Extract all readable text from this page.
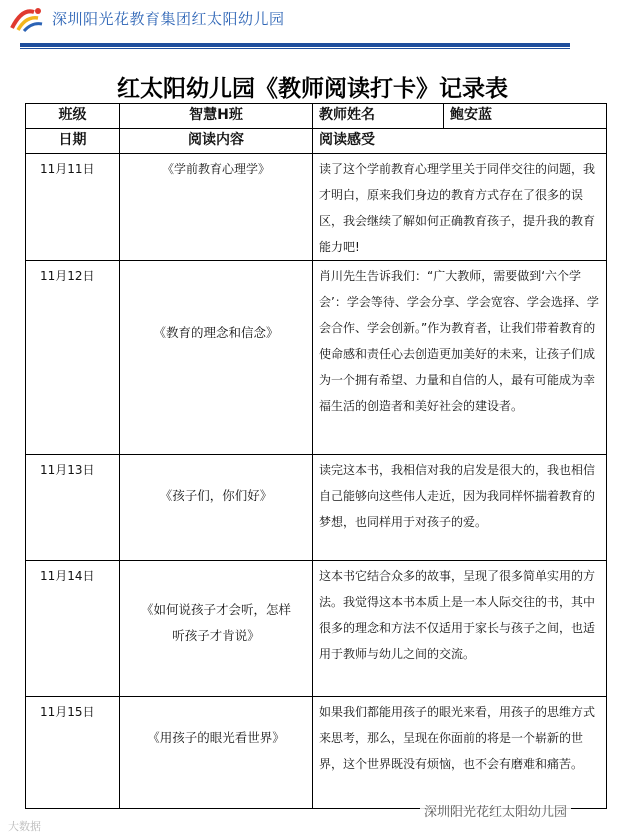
深圳阳光花教育集团红太阳幼儿园
红太阳幼儿园《教师阅读打卡》记录表
班级	智慧H班	教师姓名	鲍安蓝
日期	阅读内容	阅读感受	

11月11日	《学前教育心理学》	读了这个学前教育心理学里关于同伴交往的问题，我才明白，原来我们身边的教育方式存在了很多的误区，我会继续了解如何正确教育孩子，提升我的教育能力吧!	

11月12日	《教育的理念和信念》	肖川先生告诉我们：“广大教师，需要做到‘六个学会’：学会等待、学会分享、学会宽容、学会选择、学会合作、学会创新。”作为教育者，让我们带着教育的使命感和责任心去创造更加美好的未来，让孩子们成为一个拥有希望、力量和自信的人，最有可能成为幸福生活的创造者和美好社会的建设者。	

11月13日	《孩子们，你们好》	读完这本书，我相信对我的启发是很大的，我也相信自己能够向这些伟人走近，因为我同样怀揣着教育的梦想，也同样用于对孩子的爱。	

11月14日	《如何说孩子才会听，怎样听孩子才肯说》	这本书它结合众多的故事，呈现了很多简单实用的方法。我觉得这本书本质上是一本人际交往的书，其中很多的理念和方法不仅适用于家长与孩子之间，也适用于教师与幼儿之间的交流。	

11月15日	《用孩子的眼光看世界》	如果我们都能用孩子的眼光来看，用孩子的思维方式来思考，那么，呈现在你面前的将是一个崭新的世界，这个世界既没有烦恼，也不会有磨难和痛苦。	
大数据
深圳阳光花红太阳幼儿园
